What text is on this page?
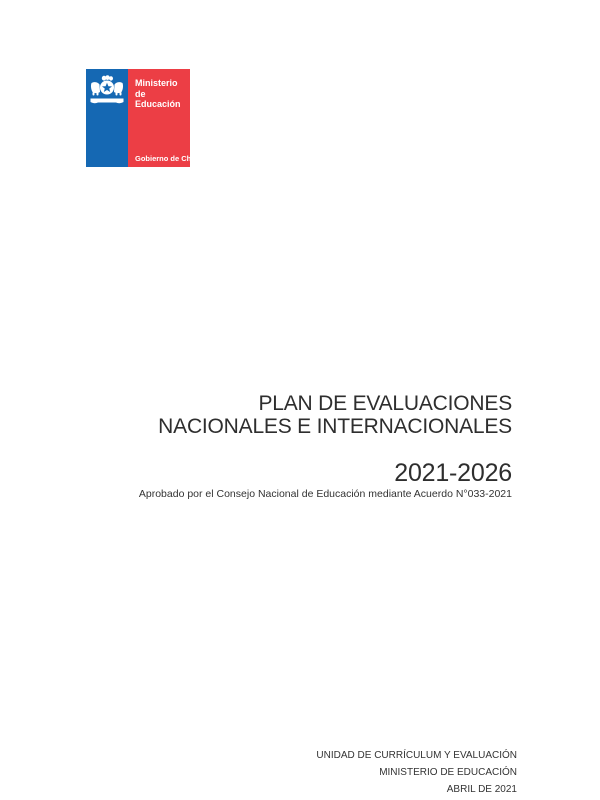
Ministerio de
Educación
Gobierno de Chile
PLAN DE EVALUACIONES
NACIONALES E INTERNACIONALES
2021-2026
Aprobado por el Consejo Nacional de Educación mediante Acuerdo N°033-2021
UNIDAD DE CURRÍCULUM Y EVALUACIÓN
MINISTERIO DE EDUCACIÓN
ABRIL DE 2021
